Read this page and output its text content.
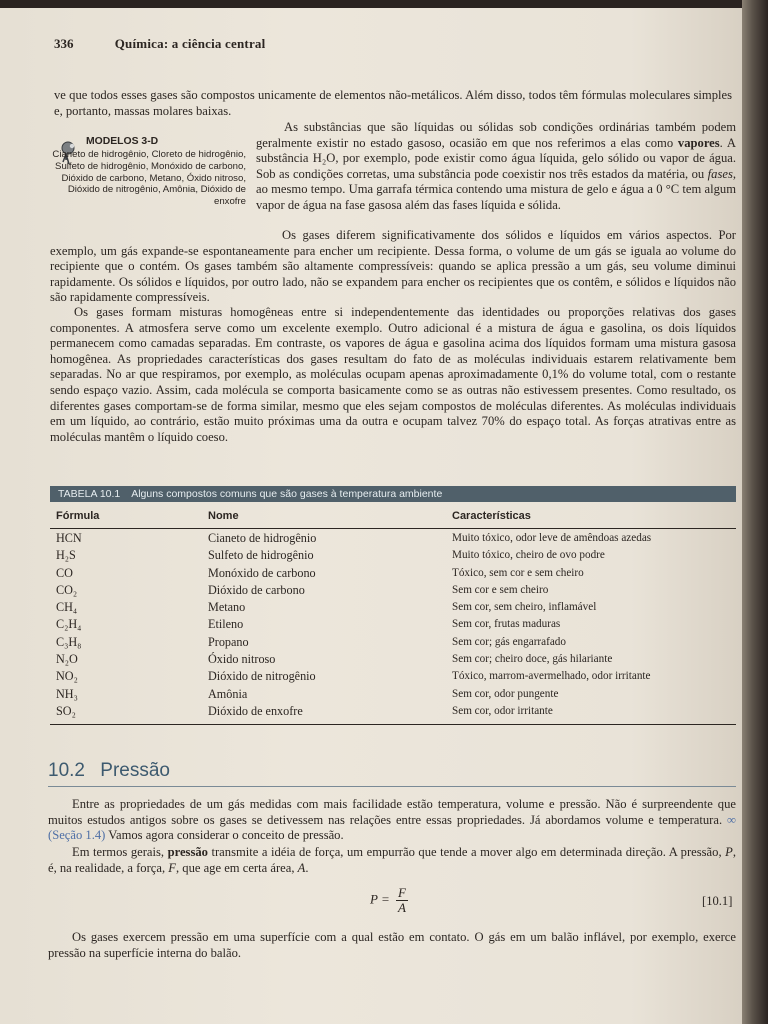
336	Química: a ciência central
ve que todos esses gases são compostos unicamente de elementos não-metálicos. Além disso, todos têm fórmulas moleculares simples e, portanto, massas molares baixas.
MODELOS 3-D
Cianeto de hidrogênio, Cloreto de hidrogênio, Sulfeto de hidrogênio, Monóxido de carbono, Dióxido de carbono, Metano, Óxido nitroso, Dióxido de nitrogênio, Amônia, Dióxido de enxofre
As substâncias que são líquidas ou sólidas sob condições ordinárias também podem geralmente existir no estado gasoso, ocasião em que nos referimos a elas como vapores. A substância H₂O, por exemplo, pode existir como água líquida, gelo sólido ou vapor de água. Sob as condições corretas, uma substância pode coexistir nos três estados da matéria, ou fases, ao mesmo tempo. Uma garrafa térmica contendo uma mistura de gelo e água a 0 °C tem algum vapor de água na fase gasosa além das fases líquida e sólida.
Os gases diferem significativamente dos sólidos e líquidos em vários aspectos. Por exemplo, um gás expande-se espontaneamente para encher um recipiente. Dessa forma, o volume de um gás se iguala ao volume do recipiente que o contém. Os gases também são altamente compressíveis: quando se aplica pressão a um gás, seu volume diminui rapidamente. Os sólidos e líquidos, por outro lado, não se expandem para encher os recipientes que os contêm, e sólidos e líquidos não são rapidamente compressíveis.
Os gases formam misturas homogêneas entre si independentemente das identidades ou proporções relativas dos gases componentes. A atmosfera serve como um excelente exemplo. Outro adicional é a mistura de água e gasolina, os dois líquidos permanecem como camadas separadas. Em contraste, os vapores de água e gasolina acima dos líquidos formam uma mistura gasosa homogênea. As propriedades características dos gases resultam do fato de as moléculas individuais estarem relativamente bem separadas. No ar que respiramos, por exemplo, as moléculas ocupam apenas aproximadamente 0,1% do volume total, com o restante sendo espaço vazio. Assim, cada molécula se comporta basicamente como se as outras não estivessem presentes. Como resultado, os diferentes gases comportam-se de forma similar, mesmo que eles sejam compostos de moléculas diferentes. As moléculas individuais em um líquido, ao contrário, estão muito próximas uma da outra e ocupam talvez 70% do espaço total. As forças atrativas entre as moléculas mantêm o líquido coeso.
TABELA 10.1 Alguns compostos comuns que são gases à temperatura ambiente
Fórmula	Nome	Características
HCN	Cianeto de hidrogênio	Muito tóxico, odor leve de amêndoas azedas
H₂S	Sulfeto de hidrogênio	Muito tóxico, cheiro de ovo podre
CO	Monóxido de carbono	Tóxico, sem cor e sem cheiro
CO₂	Dióxido de carbono	Sem cor e sem cheiro
CH₄	Metano	Sem cor, sem cheiro, inflamável
C₂H₄	Etileno	Sem cor, frutas maduras
C₃H₈	Propano	Sem cor; gás engarrafado
N₂O	Óxido nitroso	Sem cor; cheiro doce, gás hilariante
NO₂	Dióxido de nitrogênio	Tóxico, marrom-avermelhado, odor irritante
NH₃	Amônia	Sem cor, odor pungente
SO₂	Dióxido de enxofre	Sem cor, odor irritante
10.2 Pressão
Entre as propriedades de um gás medidas com mais facilidade estão temperatura, volume e pressão. Não é surpreendente que muitos estudos antigos sobre os gases se detivessem nas relações entre essas propriedades. Já abordamos volume e temperatura. ∞ (Seção 1.4) Vamos agora considerar o conceito de pressão.
Em termos gerais, pressão transmite a idéia de força, um empurrão que tende a mover algo em determinada direção. A pressão, P, é, na realidade, a força, F, que age em certa área, A.
$P = \frac{F}{A}$	[10.1]
Os gases exercem pressão em uma superfície com a qual estão em contato. O gás em um balão inflável, por exemplo, exerce pressão na superfície interna do balão.
